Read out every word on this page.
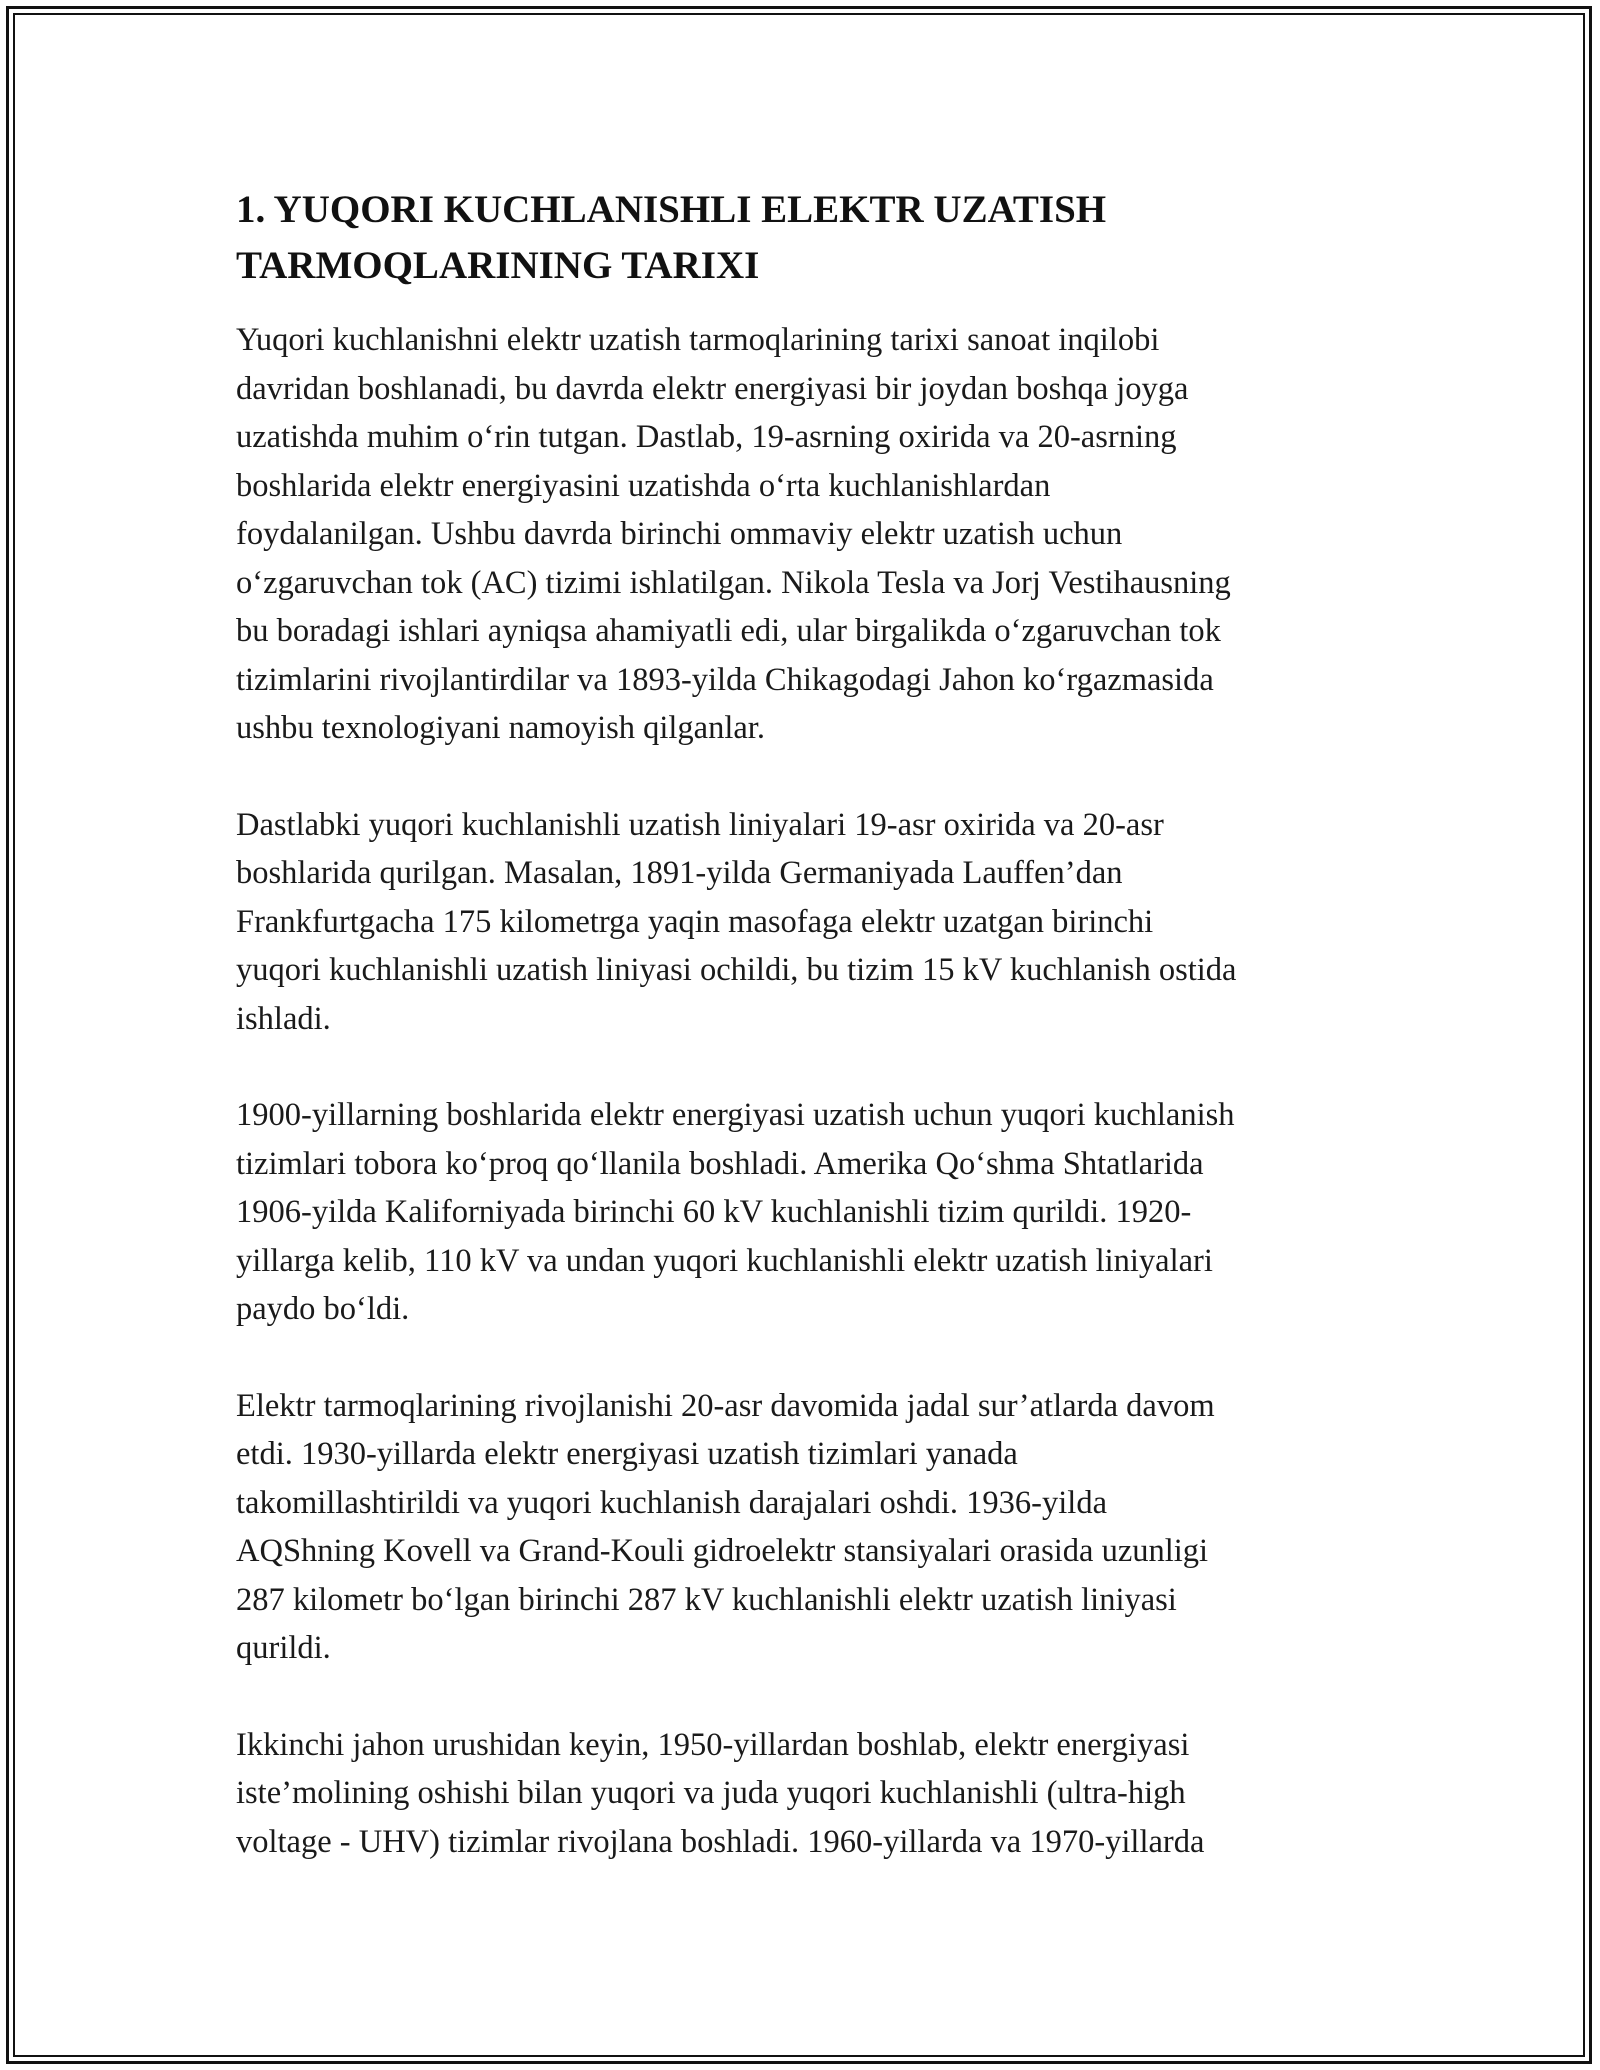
1. YUQORI KUCHLANISHLI ELEKTR UZATISH
TARMOQLARINING TARIXI

Yuqori kuchlanishni elektr uzatish tarmoqlarining tarixi sanoat inqilobi
davridan boshlanadi, bu davrda elektr energiyasi bir joydan boshqa joyga
uzatishda muhim o‘rin tutgan. Dastlab, 19-asrning oxirida va 20-asrning
boshlarida elektr energiyasini uzatishda o‘rta kuchlanishlardan
foydalanilgan. Ushbu davrda birinchi ommaviy elektr uzatish uchun
o‘zgaruvchan tok (AC) tizimi ishlatilgan. Nikola Tesla va Jorj Vestihausning
bu boradagi ishlari ayniqsa ahamiyatli edi, ular birgalikda o‘zgaruvchan tok
tizimlarini rivojlantirdilar va 1893-yilda Chikagodagi Jahon ko‘rgazmasida
ushbu texnologiyani namoyish qilganlar.

Dastlabki yuqori kuchlanishli uzatish liniyalari 19-asr oxirida va 20-asr
boshlarida qurilgan. Masalan, 1891-yilda Germaniyada Lauffen’dan
Frankfurtgacha 175 kilometrga yaqin masofaga elektr uzatgan birinchi
yuqori kuchlanishli uzatish liniyasi ochildi, bu tizim 15 kV kuchlanish ostida
ishladi.

1900-yillarning boshlarida elektr energiyasi uzatish uchun yuqori kuchlanish
tizimlari tobora ko‘proq qo‘llanila boshladi. Amerika Qo‘shma Shtatlarida
1906-yilda Kaliforniyada birinchi 60 kV kuchlanishli tizim qurildi. 1920-
yillarga kelib, 110 kV va undan yuqori kuchlanishli elektr uzatish liniyalari
paydo bo‘ldi.

Elektr tarmoqlarining rivojlanishi 20-asr davomida jadal sur’atlarda davom
etdi. 1930-yillarda elektr energiyasi uzatish tizimlari yanada
takomillashtirildi va yuqori kuchlanish darajalari oshdi. 1936-yilda
AQShning Kovell va Grand-Kouli gidroelektr stansiyalari orasida uzunligi
287 kilometr bo‘lgan birinchi 287 kV kuchlanishli elektr uzatish liniyasi
qurildi.

Ikkinchi jahon urushidan keyin, 1950-yillardan boshlab, elektr energiyasi
iste’molining oshishi bilan yuqori va juda yuqori kuchlanishli (ultra-high
voltage - UHV) tizimlar rivojlana boshladi. 1960-yillarda va 1970-yillarda
